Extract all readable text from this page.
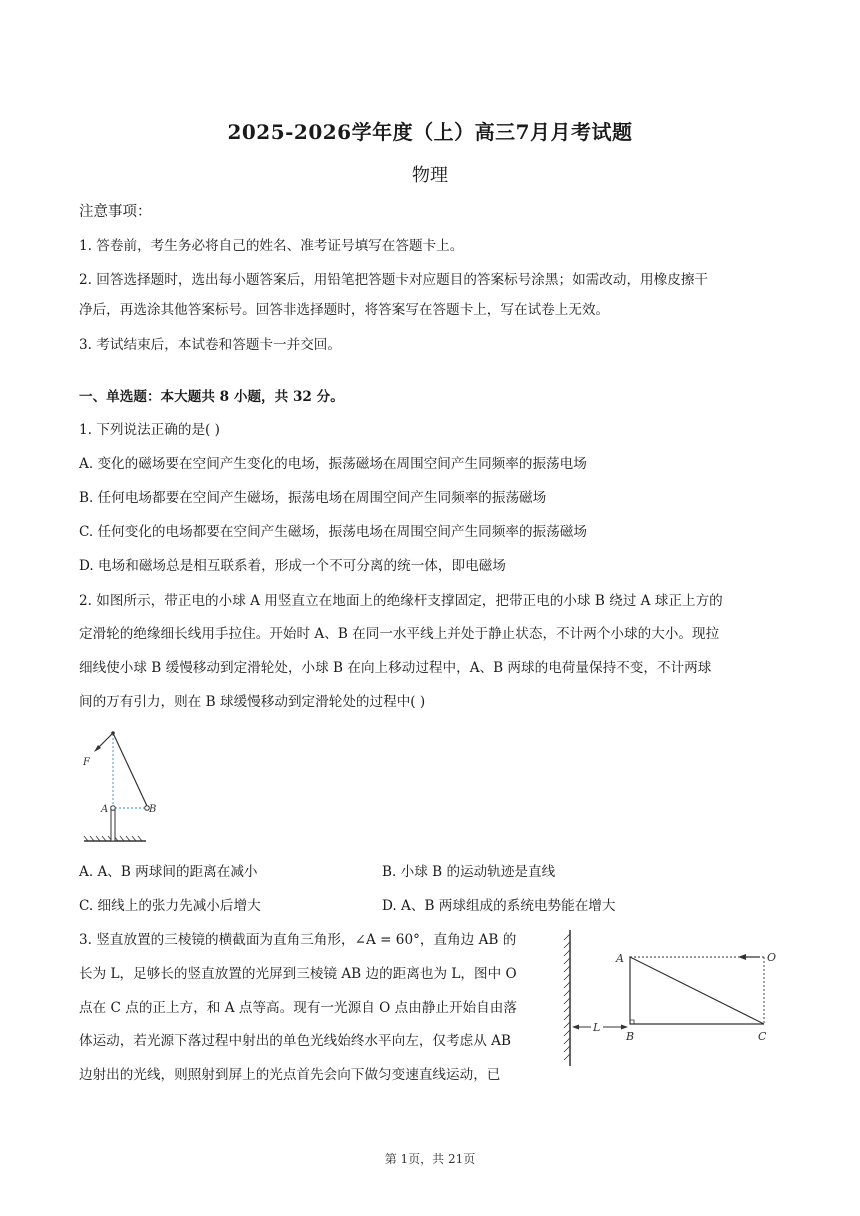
2025-2026学年度（上）高三7月月考试题
物理
注意事项：
1. 答卷前，考生务必将自己的姓名、准考证号填写在答题卡上。
2. 回答选择题时，选出每小题答案后，用铅笔把答题卡对应题目的答案标号涂黑；如需改动，用橡皮擦干
净后，再选涂其他答案标号。回答非选择题时，将答案写在答题卡上，写在试卷上无效。
3. 考试结束后，本试卷和答题卡一并交回。
一、单选题：本大题共 8 小题，共 32 分。
1. 下列说法正确的是( )
A. 变化的磁场要在空间产生变化的电场，振荡磁场在周围空间产生同频率的振荡电场
B. 任何电场都要在空间产生磁场，振荡电场在周围空间产生同频率的振荡磁场
C. 任何变化的电场都要在空间产生磁场，振荡电场在周围空间产生同频率的振荡磁场
D. 电场和磁场总是相互联系着，形成一个不可分离的统一体，即电磁场
2. 如图所示，带正电的小球 A 用竖直立在地面上的绝缘杆支撑固定，把带正电的小球 B 绕过 A 球正上方的
定滑轮的绝缘细长线用手拉住。开始时 A、B 在同一水平线上并处于静止状态，不计两个小球的大小。现拉
细线使小球 B 缓慢移动到定滑轮处，小球 B 在向上移动过程中，A、B 两球的电荷量保持不变，不计两球
间的万有引力，则在 B 球缓慢移动到定滑轮处的过程中( )
F
A	B
A. A、B 两球间的距离在减小	B. 小球 B 的运动轨迹是直线
C. 细线上的张力先减小后增大	D. A、B 两球组成的系统电势能在增大
3. 竖直放置的三棱镜的横截面为直角三角形，∠A = 60°，直角边 AB 的
长为 L，足够长的竖直放置的光屏到三棱镜 AB 边的距离也为 L，图中 O
点在 C 点的正上方，和 A 点等高。现有一光源自 O 点由静止开始自由落
体运动，若光源下落过程中射出的单色光线始终水平向左，仅考虑从 AB
边射出的光线，则照射到屏上的光点首先会向下做匀变速直线运动，已
L
A
B	C
O
第 1页，共 21页
